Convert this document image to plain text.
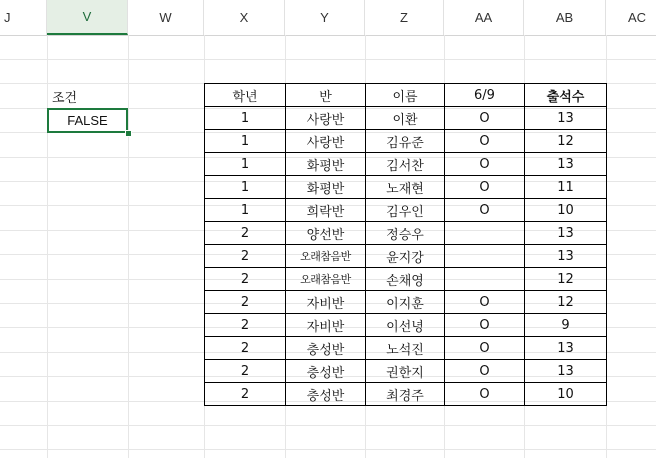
J	V	W	X	Y	Z	AA	AB	AC
조건
FALSE
학년	반	이름	6/9	출석수
1	사랑반	이환	O	13
1	사랑반	김유준	O	12
1	화평반	김서찬	O	13
1	화평반	노재현	O	11
1	희락반	김우인	O	10
2	양선반	정승우		13
2	오래참음반	윤지강		13
2	오래참음반	손채영		12
2	자비반	이지훈	O	12
2	자비반	이선녕	O	9
2	충성반	노석진	O	13
2	충성반	권한지	O	13
2	충성반	최경주	O	10
